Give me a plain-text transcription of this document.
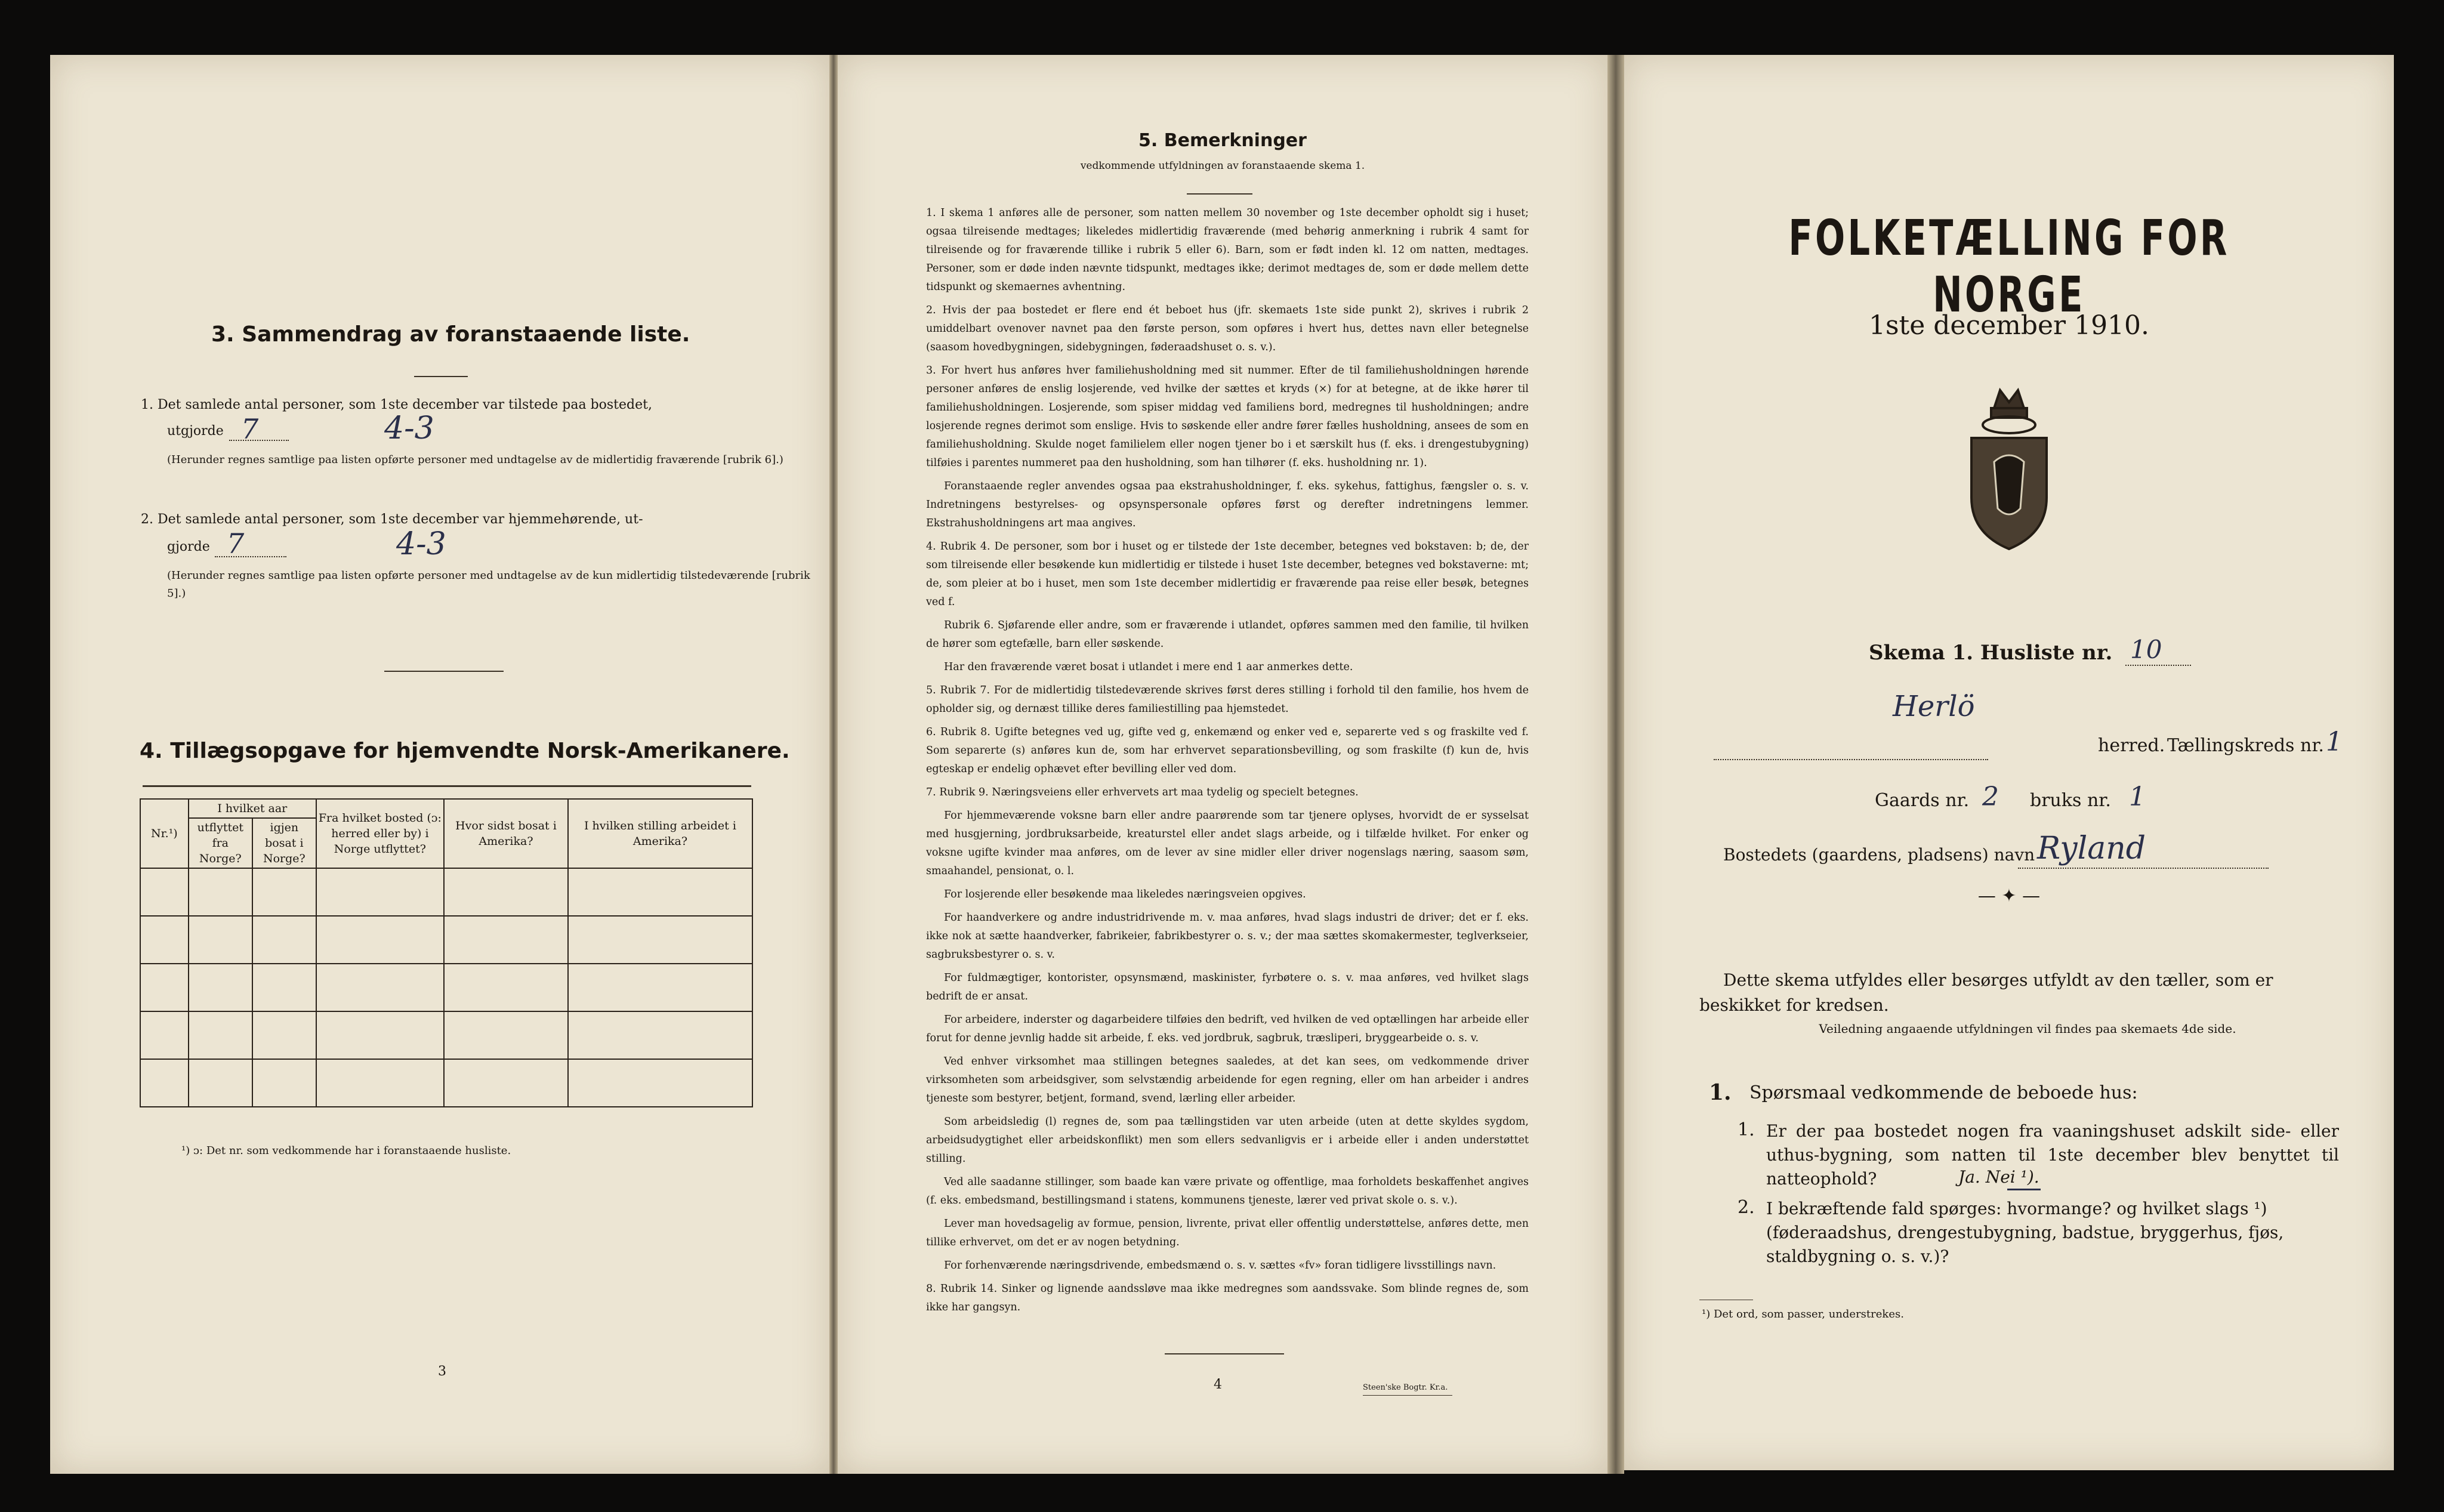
3. Sammendrag av foranstaaende liste.
1. Det samlede antal personer, som 1ste december var tilstede paa bostedet,
utgjorde 7	4-3
(Herunder regnes samtlige paa listen opførte personer med undtagelse av de midlertidig fraværende [rubrik 6].)
2. Det samlede antal personer, som 1ste december var hjemmehørende, ut-
gjorde 7	4-3
(Herunder regnes samtlige paa listen opførte personer med undtagelse av de kun midlertidig tilstedeværende [rubrik 5].)
4. Tillægsopgave for hjemvendte Norsk-Amerikanere.
Nr.¹)	I hvilket aar		Fra hvilket bosted (ᴐ: herred eller by) i Norge utflyttet?	Hvor sidst bosat i Amerika?	I hvilken stilling arbeidet i Amerika?
	utflyttet fra Norge?	igjen bosat i Norge?			

¹) ᴐ: Det nr. som vedkommende har i foranstaaende husliste.
3
5. Bemerkninger
vedkommende utfyldningen av foranstaaende skema 1.

1. I skema 1 anføres alle de personer, som natten mellem 30 november og 1ste december opholdt sig i huset; ogsaa tilreisende medtages; likeledes midlertidig fraværende (med behørig anmerkning i rubrik 4 samt for tilreisende og for fraværende tillike i rubrik 5 eller 6). Barn, som er født inden kl. 12 om natten, medtages. Personer, som er døde inden nævnte tidspunkt, medtages ikke; derimot medtages de, som er døde mellem dette tidspunkt og skemaernes avhentning.

2. Hvis der paa bostedet er flere end ét beboet hus (jfr. skemaets 1ste side punkt 2), skrives i rubrik 2 umiddelbart ovenover navnet paa den første person, som opføres i hvert hus, dettes navn eller betegnelse (saasom hovedbygningen, sidebygningen, føderaadshuset o. s. v.).

3. For hvert hus anføres hver familiehusholdning med sit nummer. Efter de til familiehusholdningen hørende personer anføres de enslig losjerende, ved hvilke der sættes et kryds (×) for at betegne, at de ikke hører til familiehusholdningen. Losjerende, som spiser middag ved familiens bord, medregnes til husholdningen; andre losjerende regnes derimot som enslige. Hvis to søskende eller andre fører fælles husholdning, ansees de som en familiehusholdning. Skulde noget familielem eller nogen tjener bo i et særskilt hus (f. eks. i drengestubygning) tilføies i parentes nummeret paa den husholdning, som han tilhører (f. eks. husholdning nr. 1).

Foranstaaende regler anvendes ogsaa paa ekstrahusholdninger, f. eks. sykehus, fattighus, fængsler o. s. v. Indretningens bestyrelses- og opsynspersonale opføres først og derefter indretningens lemmer. Ekstrahusholdningens art maa angives.

4. Rubrik 4. De personer, som bor i huset og er tilstede der 1ste december, betegnes ved bokstaven: b; de, der som tilreisende eller besøkende kun midlertidig er tilstede i huset 1ste december, betegnes ved bokstaverne: mt; de, som pleier at bo i huset, men som 1ste december midlertidig er fraværende paa reise eller besøk, betegnes ved f.

Rubrik 6. Sjøfarende eller andre, som er fraværende i utlandet, opføres sammen med den familie, til hvilken de hører som egtefælle, barn eller søskende.

Har den fraværende været bosat i utlandet i mere end 1 aar anmerkes dette.

5. Rubrik 7. For de midlertidig tilstedeværende skrives først deres stilling i forhold til den familie, hos hvem de opholder sig, og dernæst tillike deres familiestilling paa hjemstedet.

6. Rubrik 8. Ugifte betegnes ved ug, gifte ved g, enkemænd og enker ved e, separerte ved s og fraskilte ved f. Som separerte (s) anføres kun de, som har erhvervet separationsbevilling, og som fraskilte (f) kun de, hvis egteskap er endelig ophævet efter bevilling eller ved dom.

7. Rubrik 9. Næringsveiens eller erhvervets art maa tydelig og specielt betegnes.

For hjemmeværende voksne barn eller andre paarørende som tar tjenere oplyses, hvorvidt de er sysselsat med husgjerning, jordbruksarbeide, kreaturstel eller andet slags arbeide, og i tilfælde hvilket. For enker og voksne ugifte kvinder maa anføres, om de lever av sine midler eller driver nogenslags næring, saasom søm, smaahandel, pensionat, o. l.

For losjerende eller besøkende maa likeledes næringsveien opgives.

For haandverkere og andre industridrivende m. v. maa anføres, hvad slags industri de driver; det er f. eks. ikke nok at sætte haandverker, fabrikeier, fabrikbestyrer o. s. v.; der maa sættes skomakermester, teglverkseier, sagbruksbestyrer o. s. v.

For fuldmægtiger, kontorister, opsynsmænd, maskinister, fyrbøtere o. s. v. maa anføres, ved hvilket slags bedrift de er ansat.

For arbeidere, inderster og dagarbeidere tilføies den bedrift, ved hvilken de ved optællingen har arbeide eller forut for denne jevnlig hadde sit arbeide, f. eks. ved jordbruk, sagbruk, træsliperi, bryggearbeide o. s. v.

Ved enhver virksomhet maa stillingen betegnes saaledes, at det kan sees, om vedkommende driver virksomheten som arbeidsgiver, som selvstændig arbeidende for egen regning, eller om han arbeider i andres tjeneste som bestyrer, betjent, formand, svend, lærling eller arbeider.

Som arbeidsledig (l) regnes de, som paa tællingstiden var uten arbeide (uten at dette skyldes sygdom, arbeidsudygtighet eller arbeidskonflikt) men som ellers sedvanligvis er i arbeide eller i anden understøttet stilling.

Ved alle saadanne stillinger, som baade kan være private og offentlige, maa forholdets beskaffenhet angives (f. eks. embedsmand, bestillingsmand i statens, kommunens tjeneste, lærer ved privat skole o. s. v.).

Lever man hovedsagelig av formue, pension, livrente, privat eller offentlig understøttelse, anføres dette, men tillike erhvervet, om det er av nogen betydning.

For forhenværende næringsdrivende, embedsmænd o. s. v. sættes «fv» foran tidligere livsstillings navn.

8. Rubrik 14. Sinker og lignende aandssløve maa ikke medregnes som aandssvake. Som blinde regnes de, som ikke har gangsyn.

4	Steen'ske Bogtr. Kr.a.
FOLKETÆLLING FOR NORGE
1ste december 1910.
Skema 1. Husliste nr. 10
Herlö
herred. Tællingskreds nr. 1
Gaards nr. 2 bruks nr. 1
Bostedets (gaardens, pladsens) navn Ryland
— ✦ —
Dette skema utfyldes eller besørges utfyldt av den tæller, som er beskikket for kredsen.
Veiledning angaaende utfyldningen vil findes paa skemaets 4de side.
1. Spørsmaal vedkommende de beboede hus:
1. Er der paa bostedet nogen fra vaaningshuset adskilt side- eller uthus-bygning, som natten til 1ste december blev benyttet til natteophold?	Ja. Nei ¹).
2. I bekræftende fald spørges: hvormange? og hvilket slags ¹) (føderaadshus, drengestubygning, badstue, bryggerhus, fjøs, staldbygning o. s. v.)?
¹) Det ord, som passer, understrekes.
